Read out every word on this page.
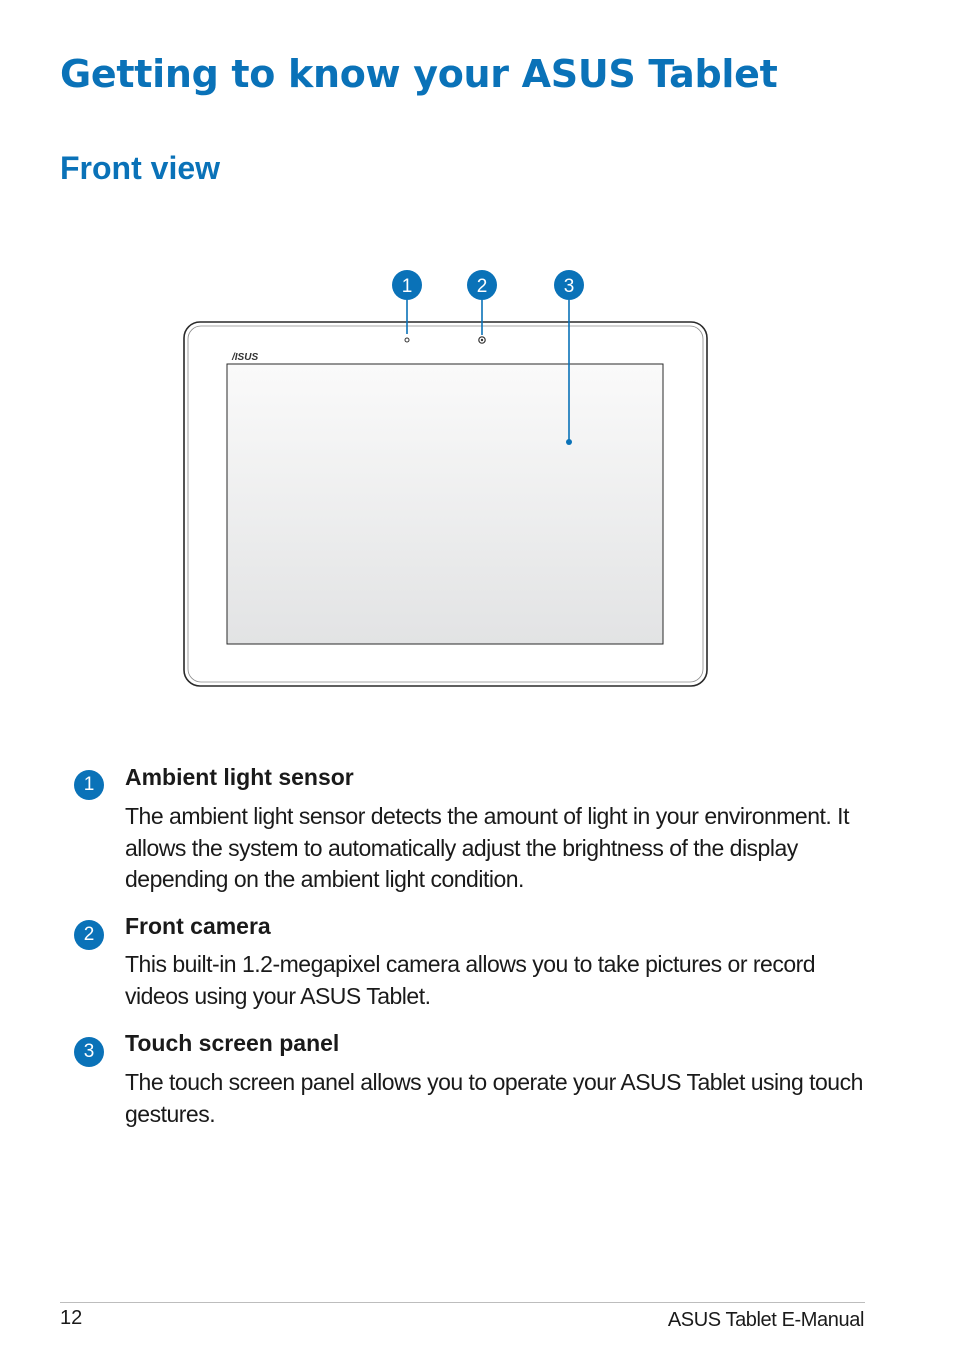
Getting to know your ASUS Tablet
Front view
/ISUS
1	2	3
1	Ambient light sensor

The ambient light sensor detects the amount of light in your environment. It allows the system to automatically adjust the brightness of the display depending on the ambient light condition.

2	Front camera

This built-in 1.2-megapixel camera allows you to take pictures or record videos using your ASUS Tablet.

3	Touch screen panel

The touch screen panel allows you to operate your ASUS Tablet using touch gestures.

12	ASUS Tablet E-Manual
